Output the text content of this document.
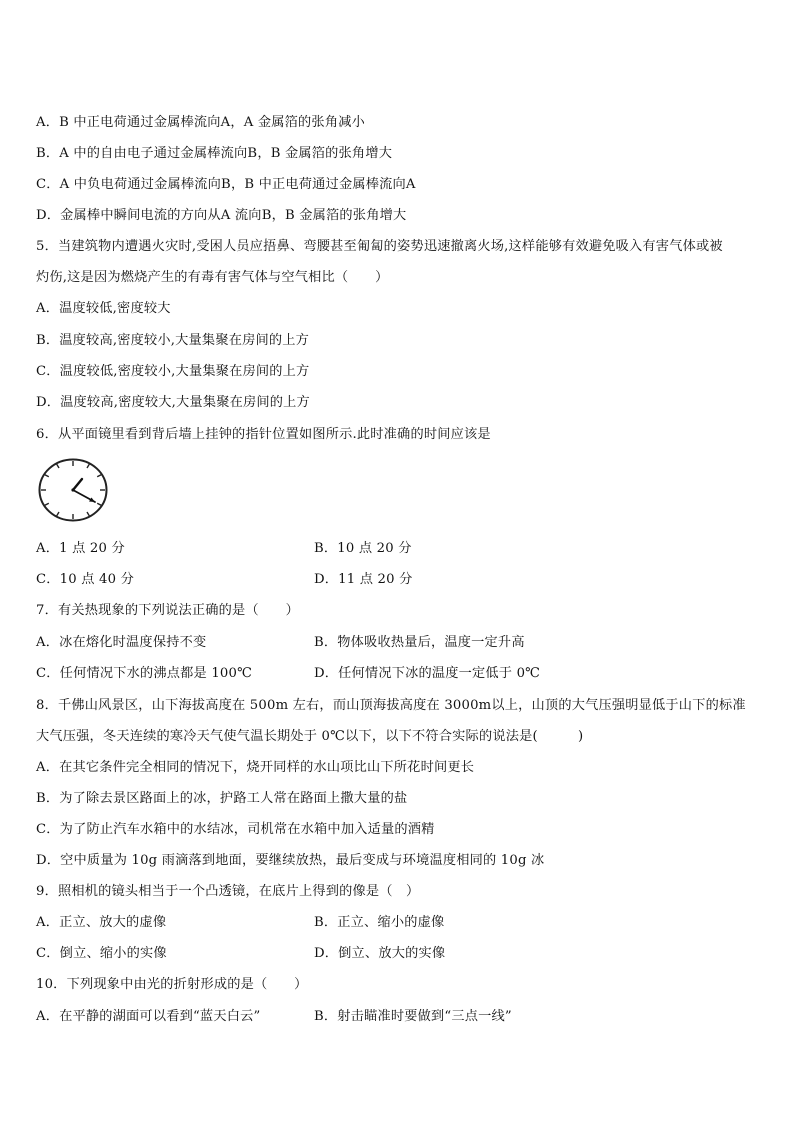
A．B 中正电荷通过金属棒流向A，A 金属箔的张角减小
B．A 中的自由电子通过金属棒流向B，B 金属箔的张角增大
C．A 中负电荷通过金属棒流向B，B 中正电荷通过金属棒流向A
D．金属棒中瞬间电流的方向从A 流向B，B 金属箔的张角增大
5．当建筑物内遭遇火灾时,受困人员应捂鼻、弯腰甚至匍匐的姿势迅速撤离火场,这样能够有效避免吸入有害气体或被
灼伤,这是因为燃烧产生的有毒有害气体与空气相比（　　）
A．温度较低,密度较大
B．温度较高,密度较小,大量集聚在房间的上方
C．温度较低,密度较小,大量集聚在房间的上方
D．温度较高,密度较大,大量集聚在房间的上方
6．从平面镜里看到背后墙上挂钟的指针位置如图所示.此时准确的时间应该是
A．1 点 20 分	B．10 点 20 分
C．10 点 40 分	D．11 点 20 分
7．有关热现象的下列说法正确的是（　　）
A．冰在熔化时温度保持不变	B．物体吸收热量后，温度一定升高
C．任何情况下水的沸点都是 100℃	D．任何情况下冰的温度一定低于 0℃
8．千佛山风景区，山下海拔高度在 500m 左右，而山顶海拔高度在 3000m以上，山顶的大气压强明显低于山下的标准
大气压强，冬天连续的寒冷天气使气温长期处于 0℃以下，以下不符合实际的说法是(　　　)
A．在其它条件完全相同的情况下，烧开同样的水山项比山下所花时间更长
B．为了除去景区路面上的冰，护路工人常在路面上撒大量的盐
C．为了防止汽车水箱中的水结冰，司机常在水箱中加入适量的酒精
D．空中质量为 10g 雨滴落到地面，要继续放热，最后变成与环境温度相同的 10g 冰
9．照相机的镜头相当于一个凸透镜，在底片上得到的像是（　）
A．正立、放大的虚像	B．正立、缩小的虚像
C．倒立、缩小的实像	D．倒立、放大的实像
10．下列现象中由光的折射形成的是（　　）
A．在平静的湖面可以看到“蓝天白云”	B．射击瞄准时要做到“三点一线”
